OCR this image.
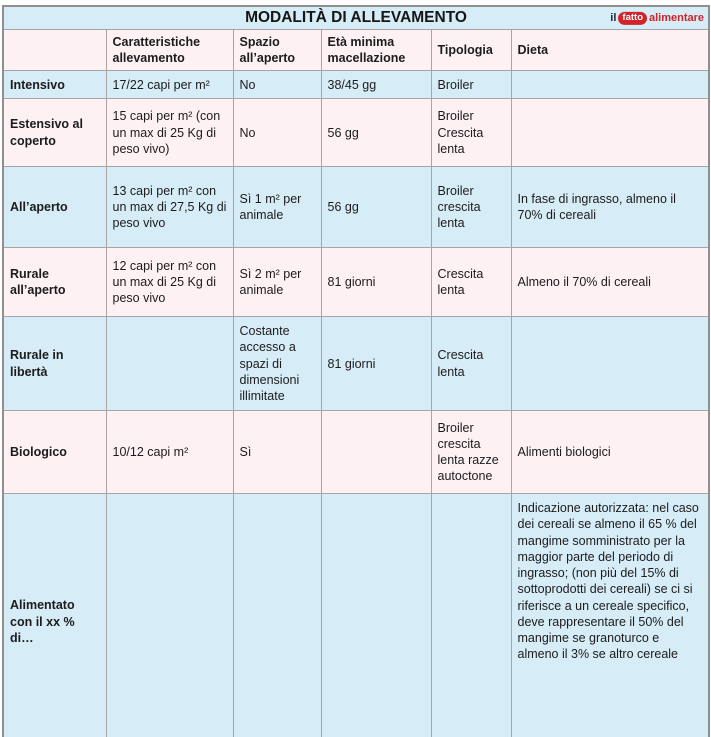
MODALITÀ DI ALLEVAMENTO il fatto alimentare					

	Caratteristiche allevamento	Spazio all’aperto	Età minima macellazione	Tipologia	Dieta
Intensivo	17/22 capi per m²	No	38/45 gg	Broiler	
Estensivo al coperto	15 capi per m² (con un max di 25 Kg di peso vivo)	No	56 gg	Broiler Crescita lenta	
All’aperto	13 capi per m² con un max di 27,5 Kg di peso vivo	Sì 1 m² per animale	56 gg	Broiler crescita lenta	In fase di ingrasso, almeno il 70% di cereali
Rurale all’aperto	12 capi per m² con un max di 25 Kg di peso vivo	Sì 2 m² per animale	81 giorni	Crescita lenta	Almeno il 70% di cereali
Rurale in libertà		Costante accesso a spazi di dimensioni illimitate	81 giorni	Crescita lenta	
Biologico	10/12 capi m²	Sì		Broiler crescita lenta razze autoctone	Alimenti biologici
Alimentato con il xx % di…					Indicazione autorizzata: nel caso dei cereali se almeno il 65 % del mangime somministrato per la maggior parte del periodo di ingrasso; (non più del 15% di sottoprodotti dei cereali) se ci si riferisce a un cereale specifico, deve rappresentare il 50% del mangime se granoturco e almeno il 3% se altro cereale
